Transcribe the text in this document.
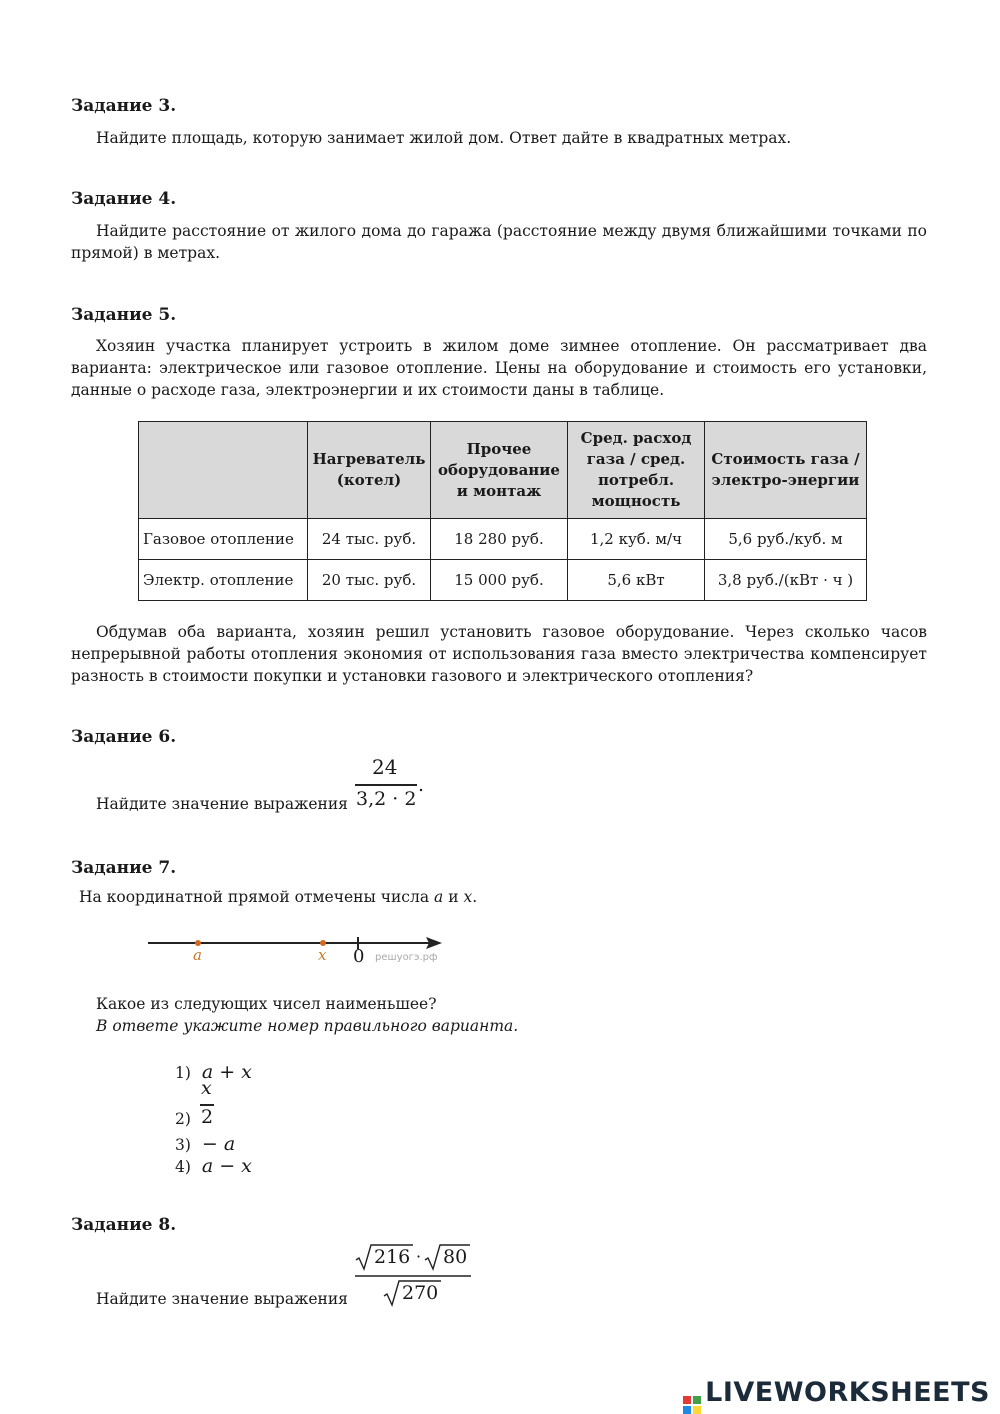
Задание 3.
Найдите площадь, которую занимает жилой дом. Ответ дайте в квадратных метрах.
Задание 4.
Найдите расстояние от жилого дома до гаража (расстояние между двумя ближайшими точками по прямой) в метрах.
Задание 5.
Хозяин участка планирует устроить в жилом доме зимнее отопление. Он рассматривает два варианта: электрическое или газовое отопление. Цены на оборудование и стоимость его установки, данные о расходе газа, электроэнергии и их стоимости даны в таблице.
	Нагреватель (котел)	Прочее оборудование и монтаж	Сред. расход газа / сред. потребл. мощность	Стоимость газа / электро-энергии
Газовое отопление	24 тыс. руб.	18 280 руб.	1,2 куб. м/ч	5,6 руб./куб. м
Электр. отопление	20 тыс. руб.	15 000 руб.	5,6 кВт	3,8 руб./(кВт · ч )
Обдумав оба варианта, хозяин решил установить газовое оборудование. Через сколько часов непрерывной работы отопления экономия от использования газа вместо электричества компенсирует разность в стоимости покупки и установки газового и электрического отопления?
Задание 6.
Найдите значение выражения
24
3,2 · 2
.
Задание 7.
На координатной прямой отмечены числа a и x.
a	x 0 решуогэ.рф
Какое из следующих чисел наименьшее?
В ответе укажите номер правильного варианта.
1) a + x
2)
x
2
3) − a
4) a − x
Задание 8.
Найдите значение выражения
216 · 80
270
LIVEWORKSHEETS
